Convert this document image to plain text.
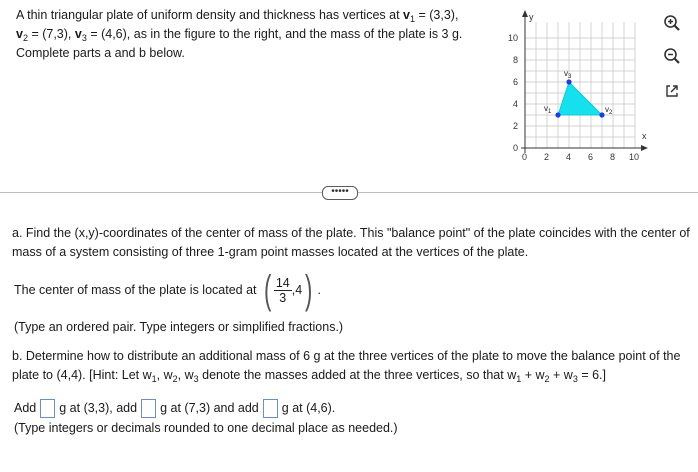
A thin triangular plate of uniform density and thickness has vertices at $v_1 = (3,3)$,

$v_2 = (7,3)$, $v_3 = (4,6)$, as in the figure to the right, and the mass of the plate is 3 g.

Complete parts a and b below.

y
x
0 2 4 6 8 10
0
2
4
6
8
10
$v_1$	$v_2$
$v_3$
•••••

a. Find the (x,y)-coordinates of the center of mass of the plate. This "balance point" of the plate coincides with the center of mass of a system consisting of three 1-gram point masses located at the vertices of the plate.

The center of mass of the plate is located at ( $\frac{14}{3} ,4$ ) .
(Type an ordered pair. Type integers or simplified fractions.)

b. Determine how to distribute an additional mass of 6 g at the three vertices of the plate to move the balance point of the plate to (4,4). [Hint: Let $w_1$, $w_2$, $w_3$ denote the masses added at the three vertices, so that $w_1 + w_2 + w_3 = 6$.]

Add g at (3,3), add g at (7,3) and add g at (4,6).
(Type integers or decimals rounded to one decimal place as needed.)
